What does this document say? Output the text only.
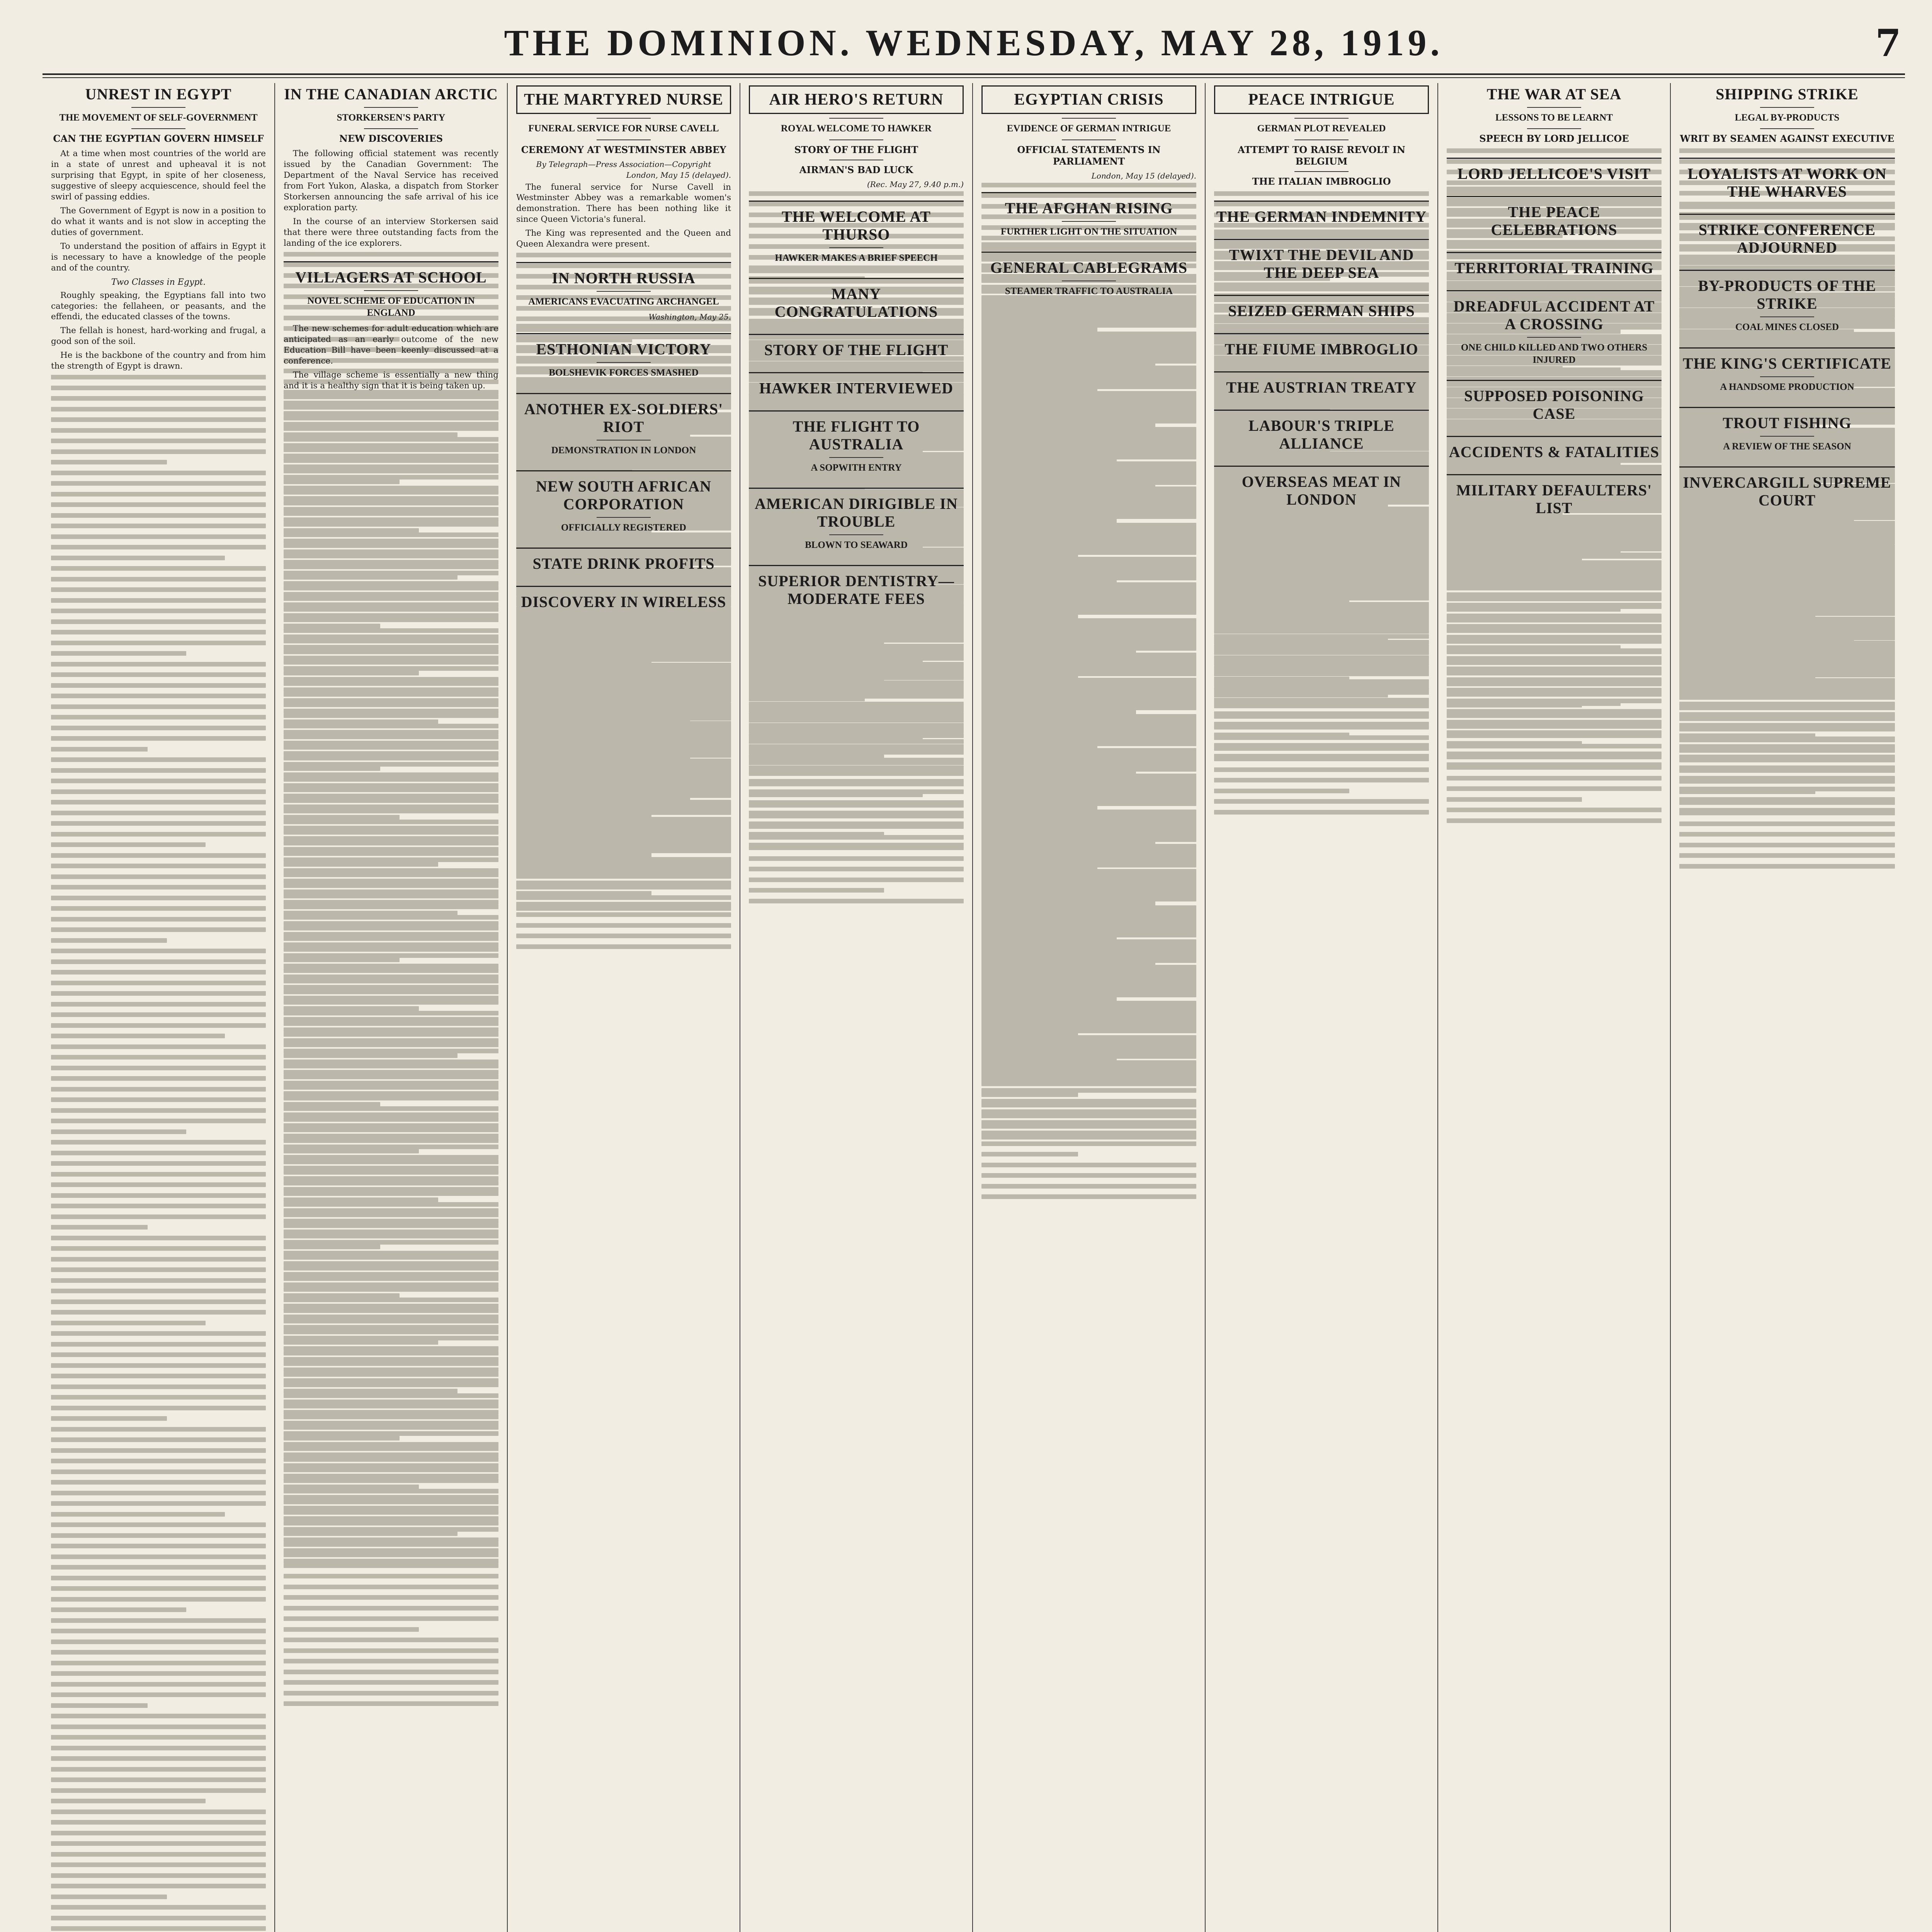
THE DOMINION. WEDNESDAY, MAY 28, 1919.	7
UNREST IN EGYPT
THE MOVEMENT OF SELF-GOVERNMENT
CAN THE EGYPTIAN GOVERN HIMSELF

At a time when most countries of the world are in a state of unrest and upheaval it is not surprising that Egypt, in spite of her closeness, suggestive of sleepy acquiescence, should feel the swirl of passing eddies.

The Government of Egypt is now in a position to do what it wants and is not slow in accepting the duties of government.

To understand the position of affairs in Egypt it is necessary to have a knowledge of the people and of the country.

Two Classes in Egypt.

Roughly speaking, the Egyptians fall into two categories: the fellaheen, or peasants, and the effendi, the educated classes of the towns.

The fellah is honest, hard-working and frugal, a good son of the soil.

He is the backbone of the country and from him the strength of Egypt is drawn.

IN THE CANADIAN ARCTIC
STORKERSEN'S PARTY
NEW DISCOVERIES

The following official statement was recently issued by the Canadian Government: The Department of the Naval Service has received from Fort Yukon, Alaska, a dispatch from Storker Storkersen announcing the safe arrival of his ice exploration party.

In the course of an interview Storkersen said that there were three outstanding facts from the landing of the ice explorers.

VILLAGERS AT SCHOOL
NOVEL SCHEME OF EDUCATION IN ENGLAND

The new schemes for adult education which are anticipated as an early outcome of the new Education Bill have been keenly discussed at a conference.

The village scheme is essentially a new thing and it is a healthy sign that it is being taken up.

THE MARTYRED NURSE
FUNERAL SERVICE FOR NURSE CAVELL
CEREMONY AT WESTMINSTER ABBEY
By Telegraph—Press Association—Copyright
London, May 15 (delayed).

The funeral service for Nurse Cavell in Westminster Abbey was a remarkable women's demonstration. There has been nothing like it since Queen Victoria's funeral.

The King was represented and the Queen and Queen Alexandra were present.

IN NORTH RUSSIA
AMERICANS EVACUATING ARCHANGEL
Washington, May 25.
ESTHONIAN VICTORY
BOLSHEVIK FORCES SMASHED
ANOTHER EX-SOLDIERS' RIOT
DEMONSTRATION IN LONDON
NEW SOUTH AFRICAN CORPORATION
OFFICIALLY REGISTERED
STATE DRINK PROFITS
DISCOVERY IN WIRELESS
AIR HERO'S RETURN
ROYAL WELCOME TO HAWKER
STORY OF THE FLIGHT
AIRMAN'S BAD LUCK
(Rec. May 27, 9.40 p.m.)
THE WELCOME AT THURSO
HAWKER MAKES A BRIEF SPEECH
MANY CONGRATULATIONS
STORY OF THE FLIGHT
HAWKER INTERVIEWED
THE FLIGHT TO AUSTRALIA
A SOPWITH ENTRY
AMERICAN DIRIGIBLE IN TROUBLE
BLOWN TO SEAWARD
SUPERIOR DENTISTRY—MODERATE FEES
EGYPTIAN CRISIS
EVIDENCE OF GERMAN INTRIGUE
OFFICIAL STATEMENTS IN PARLIAMENT
London, May 15 (delayed).
THE AFGHAN RISING
FURTHER LIGHT ON THE SITUATION
GENERAL CABLEGRAMS
STEAMER TRAFFIC TO AUSTRALIA
PEACE INTRIGUE
GERMAN PLOT REVEALED
ATTEMPT TO RAISE REVOLT IN BELGIUM
THE ITALIAN IMBROGLIO
THE GERMAN INDEMNITY
TWIXT THE DEVIL AND THE DEEP SEA
SEIZED GERMAN SHIPS
THE FIUME IMBROGLIO
THE AUSTRIAN TREATY
LABOUR'S TRIPLE ALLIANCE
OVERSEAS MEAT IN LONDON
THE WAR AT SEA
LESSONS TO BE LEARNT
SPEECH BY LORD JELLICOE
LORD JELLICOE'S VISIT
THE PEACE CELEBRATIONS
TERRITORIAL TRAINING
DREADFUL ACCIDENT AT A CROSSING
ONE CHILD KILLED AND TWO OTHERS INJURED
SUPPOSED POISONING CASE
ACCIDENTS & FATALITIES
MILITARY DEFAULTERS' LIST
SHIPPING STRIKE
LEGAL BY-PRODUCTS
WRIT BY SEAMEN AGAINST EXECUTIVE
LOYALISTS AT WORK ON THE WHARVES
STRIKE CONFERENCE ADJOURNED
BY-PRODUCTS OF THE STRIKE
COAL MINES CLOSED
THE KING'S CERTIFICATE
A HANDSOME PRODUCTION
TROUT FISHING
A REVIEW OF THE SEASON
INVERCARGILL SUPREME COURT
